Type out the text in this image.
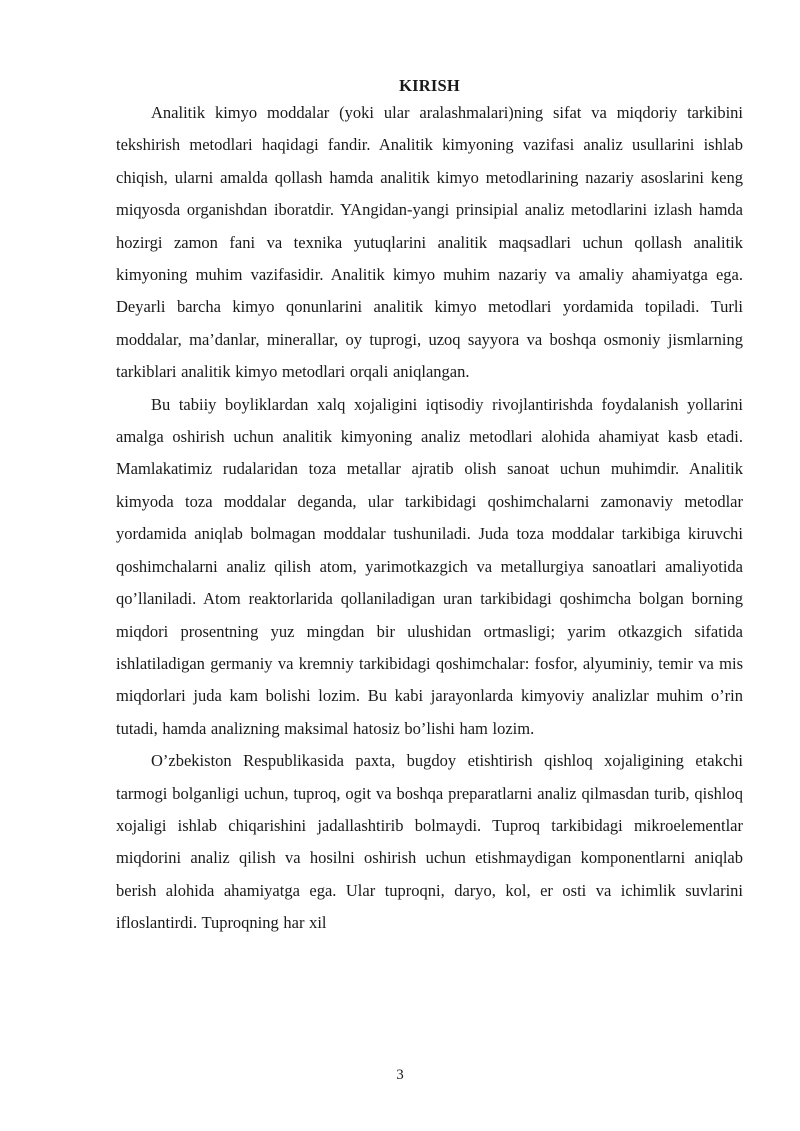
KIRISH

Analitik kimyo moddalar (yoki ular aralashmalari)ning sifat va miqdoriy tarkibini tekshirish metodlari haqidagi fandir. Analitik kimyoning vazifasi analiz usullarini ishlab chiqish, ularni amalda qollash hamda analitik kimyo metodlarining nazariy asoslarini keng miqyosda organishdan iboratdir. YAngidan-yangi prinsipial analiz metodlarini izlash hamda hozirgi zamon fani va texnika yutuqlarini analitik maqsadlari uchun qollash analitik kimyoning muhim vazifasidir. Analitik kimyo muhim nazariy va amaliy ahamiyatga ega. Deyarli barcha kimyo qonunlarini analitik kimyo metodlari yordamida topiladi. Turli moddalar, ma’danlar, minerallar, oy tuprogi, uzoq sayyora va boshqa osmoniy jismlarning tarkiblari analitik kimyo metodlari orqali aniqlangan.

Bu tabiiy boyliklardan xalq xojaligini iqtisodiy rivojlantirishda foydalanish yollarini amalga oshirish uchun analitik kimyoning analiz metodlari alohida ahamiyat kasb etadi. Mamlakatimiz rudalaridan toza metallar ajratib olish sanoat uchun muhimdir. Analitik kimyoda toza moddalar deganda, ular tarkibidagi qoshimchalarni zamonaviy metodlar yordamida aniqlab bolmagan moddalar tushuniladi. Juda toza moddalar tarkibiga kiruvchi qoshimchalarni analiz qilish atom, yarimotkazgich va metallurgiya sanoatlari amaliyotida qo’llaniladi. Atom reaktorlarida qollaniladigan uran tarkibidagi qoshimcha bolgan borning miqdori prosentning yuz mingdan bir ulushidan ortmasligi; yarim otkazgich sifatida ishlatiladigan germaniy va kremniy tarkibidagi qoshimchalar: fosfor, alyuminiy, temir va mis miqdorlari juda kam bolishi lozim. Bu kabi jarayonlarda kimyoviy analizlar muhim o’rin tutadi, hamda analizning maksimal hatosiz bo’lishi ham lozim.

O’zbekiston Respublikasida paxta, bugdoy etishtirish qishloq xojaligining etakchi tarmogi bolganligi uchun, tuproq, ogit va boshqa preparatlarni analiz qilmasdan turib, qishloq xojaligi ishlab chiqarishini jadallashtirib bolmaydi. Tuproq tarkibidagi mikroelementlar miqdorini analiz qilish va hosilni oshirish uchun etishmaydigan komponentlarni aniqlab berish alohida ahamiyatga ega. Ular tuproqni, daryo, kol, er osti va ichimlik suvlarini ifloslantirdi. Tuproqning har xil

3
